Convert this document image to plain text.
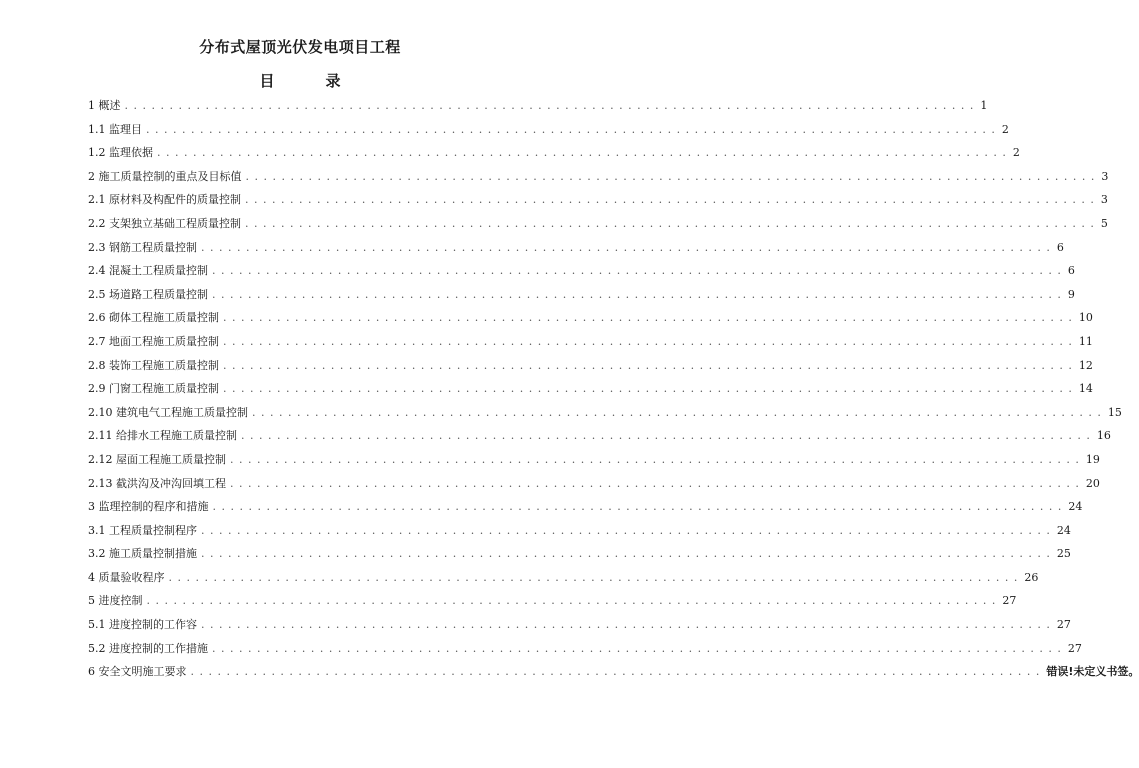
分布式屋顶光伏发电项目工程
目　录
1 概述 . . . . . . . . . . . . . . . . . . . . . . . . . . . . . . . . . . . . . . . . . . . . . . . . . . . . . . . . . . . . . . . . . . . . . . . . . . . . . . . . . . . . . . . . . . . . . . . 1
1.1 监理目 . . . . . . . . . . . . . . . . . . . . . . . . . . . . . . . . . . . . . . . . . . . . . . . . . . . . . . . . . . . . . . . . . . . . . . . . . . . . . . . . . . . . . . . . . . . . . . . 2
1.2 监理依据 . . . . . . . . . . . . . . . . . . . . . . . . . . . . . . . . . . . . . . . . . . . . . . . . . . . . . . . . . . . . . . . . . . . . . . . . . . . . . . . . . . . . . . . . . . . . . . . 2
2 施工质量控制的重点及目标值 . . . . . . . . . . . . . . . . . . . . . . . . . . . . . . . . . . . . . . . . . . . . . . . . . . . . . . . . . . . . . . . . . . . . . . . . . . . . . . . . . . . . . . . . . . . . . . . 3
2.1 原材料及构配件的质量控制 . . . . . . . . . . . . . . . . . . . . . . . . . . . . . . . . . . . . . . . . . . . . . . . . . . . . . . . . . . . . . . . . . . . . . . . . . . . . . . . . . . . . . . . . . . . . . . . 3
2.2 支架独立基础工程质量控制 . . . . . . . . . . . . . . . . . . . . . . . . . . . . . . . . . . . . . . . . . . . . . . . . . . . . . . . . . . . . . . . . . . . . . . . . . . . . . . . . . . . . . . . . . . . . . . . 5
2.3 钢筋工程质量控制 . . . . . . . . . . . . . . . . . . . . . . . . . . . . . . . . . . . . . . . . . . . . . . . . . . . . . . . . . . . . . . . . . . . . . . . . . . . . . . . . . . . . . . . . . . . . . . . 6
2.4 混凝土工程质量控制 . . . . . . . . . . . . . . . . . . . . . . . . . . . . . . . . . . . . . . . . . . . . . . . . . . . . . . . . . . . . . . . . . . . . . . . . . . . . . . . . . . . . . . . . . . . . . . . 6
2.5 场道路工程质量控制 . . . . . . . . . . . . . . . . . . . . . . . . . . . . . . . . . . . . . . . . . . . . . . . . . . . . . . . . . . . . . . . . . . . . . . . . . . . . . . . . . . . . . . . . . . . . . . . 9
2.6 砌体工程施工质量控制 . . . . . . . . . . . . . . . . . . . . . . . . . . . . . . . . . . . . . . . . . . . . . . . . . . . . . . . . . . . . . . . . . . . . . . . . . . . . . . . . . . . . . . . . . . . . . . . 10
2.7 地面工程施工质量控制 . . . . . . . . . . . . . . . . . . . . . . . . . . . . . . . . . . . . . . . . . . . . . . . . . . . . . . . . . . . . . . . . . . . . . . . . . . . . . . . . . . . . . . . . . . . . . . . 11
2.8 装饰工程施工质量控制 . . . . . . . . . . . . . . . . . . . . . . . . . . . . . . . . . . . . . . . . . . . . . . . . . . . . . . . . . . . . . . . . . . . . . . . . . . . . . . . . . . . . . . . . . . . . . . . 12
2.9 门窗工程施工质量控制 . . . . . . . . . . . . . . . . . . . . . . . . . . . . . . . . . . . . . . . . . . . . . . . . . . . . . . . . . . . . . . . . . . . . . . . . . . . . . . . . . . . . . . . . . . . . . . . 14
2.10 建筑电气工程施工质量控制 . . . . . . . . . . . . . . . . . . . . . . . . . . . . . . . . . . . . . . . . . . . . . . . . . . . . . . . . . . . . . . . . . . . . . . . . . . . . . . . . . . . . . . . . . . . . . . . 15
2.11 给排水工程施工质量控制 . . . . . . . . . . . . . . . . . . . . . . . . . . . . . . . . . . . . . . . . . . . . . . . . . . . . . . . . . . . . . . . . . . . . . . . . . . . . . . . . . . . . . . . . . . . . . . . 16
2.12 屋面工程施工质量控制 . . . . . . . . . . . . . . . . . . . . . . . . . . . . . . . . . . . . . . . . . . . . . . . . . . . . . . . . . . . . . . . . . . . . . . . . . . . . . . . . . . . . . . . . . . . . . . . 19
2.13 截洪沟及冲沟回填工程 . . . . . . . . . . . . . . . . . . . . . . . . . . . . . . . . . . . . . . . . . . . . . . . . . . . . . . . . . . . . . . . . . . . . . . . . . . . . . . . . . . . . . . . . . . . . . . . 20
3 监理控制的程序和措施 . . . . . . . . . . . . . . . . . . . . . . . . . . . . . . . . . . . . . . . . . . . . . . . . . . . . . . . . . . . . . . . . . . . . . . . . . . . . . . . . . . . . . . . . . . . . . . . 24
3.1 工程质量控制程序 . . . . . . . . . . . . . . . . . . . . . . . . . . . . . . . . . . . . . . . . . . . . . . . . . . . . . . . . . . . . . . . . . . . . . . . . . . . . . . . . . . . . . . . . . . . . . . . 24
3.2 施工质量控制措施 . . . . . . . . . . . . . . . . . . . . . . . . . . . . . . . . . . . . . . . . . . . . . . . . . . . . . . . . . . . . . . . . . . . . . . . . . . . . . . . . . . . . . . . . . . . . . . . 25
4 质量验收程序 . . . . . . . . . . . . . . . . . . . . . . . . . . . . . . . . . . . . . . . . . . . . . . . . . . . . . . . . . . . . . . . . . . . . . . . . . . . . . . . . . . . . . . . . . . . . . . . 26
5 进度控制 . . . . . . . . . . . . . . . . . . . . . . . . . . . . . . . . . . . . . . . . . . . . . . . . . . . . . . . . . . . . . . . . . . . . . . . . . . . . . . . . . . . . . . . . . . . . . . . 27
5.1 进度控制的工作容 . . . . . . . . . . . . . . . . . . . . . . . . . . . . . . . . . . . . . . . . . . . . . . . . . . . . . . . . . . . . . . . . . . . . . . . . . . . . . . . . . . . . . . . . . . . . . . . 27
5.2 进度控制的工作措施 . . . . . . . . . . . . . . . . . . . . . . . . . . . . . . . . . . . . . . . . . . . . . . . . . . . . . . . . . . . . . . . . . . . . . . . . . . . . . . . . . . . . . . . . . . . . . . . 27
6 安全文明施工要求 . . . . . . . . . . . . . . . . . . . . . . . . . . . . . . . . . . . . . . . . . . . . . . . . . . . . . . . . . . . . . . . . . . . . . . . . . . . . . . . . . . . . . . . . . . . . . . . 错误!未定义书签。
